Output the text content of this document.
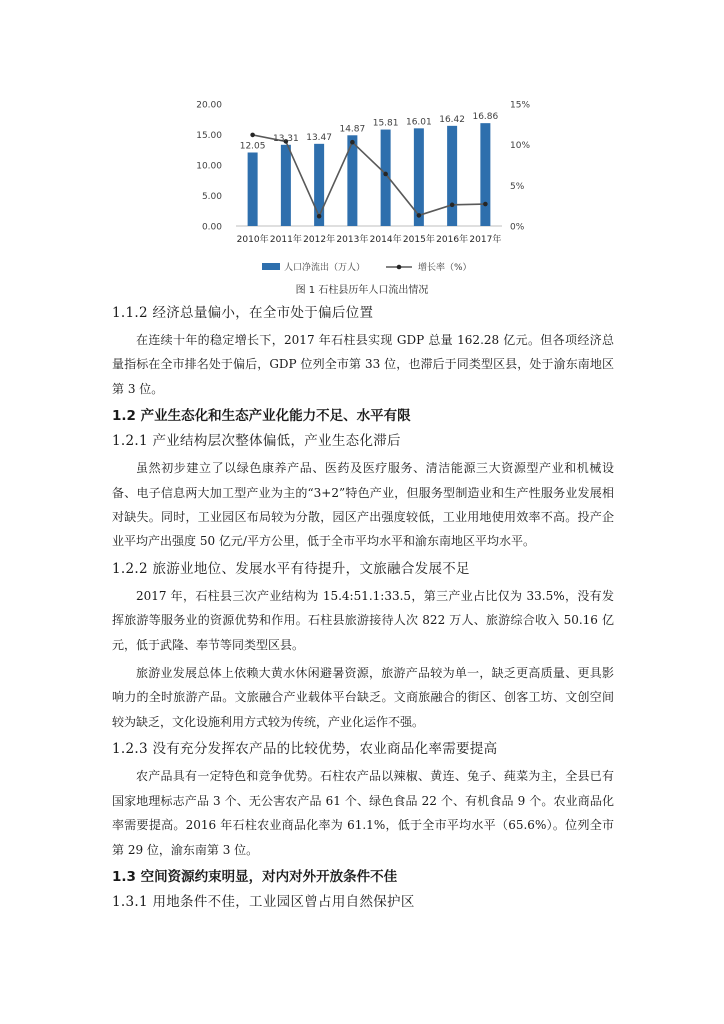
0.00
5.00
10.00
15.00
20.00
0%
5%
10%
15%
12.05
13.31 13.47
14.87
15.81 16.01 16.42 16.86
2010年 2011年 2012年 2013年 2014年 2015年 2016年 2017年
人口净流出（万人）	增长率（%）
图 1 石柱县历年人口流出情况
1.1.2 经济总量偏小，在全市处于偏后位置

在连续十年的稳定增长下，2017 年石柱县实现 GDP 总量 162.28 亿元。但各项经济总量指标在全市排名处于偏后，GDP 位列全市第 33 位，也滞后于同类型区县，处于渝东南地区第 3 位。

1.2 产业生态化和生态产业化能力不足、水平有限
1.2.1 产业结构层次整体偏低，产业生态化滞后

虽然初步建立了以绿色康养产品、医药及医疗服务、清洁能源三大资源型产业和机械设备、电子信息两大加工型产业为主的“3+2”特色产业，但服务型制造业和生产性服务业发展相对缺失。同时，工业园区布局较为分散，园区产出强度较低，工业用地使用效率不高。投产企业平均产出强度 50 亿元/平方公里，低于全市平均水平和渝东南地区平均水平。

1.2.2 旅游业地位、发展水平有待提升，文旅融合发展不足

2017 年，石柱县三次产业结构为 15.4:51.1:33.5，第三产业占比仅为 33.5%，没有发挥旅游等服务业的资源优势和作用。石柱县旅游接待人次 822 万人、旅游综合收入 50.16 亿元，低于武隆、奉节等同类型区县。

旅游业发展总体上依赖大黄水休闲避暑资源，旅游产品较为单一，缺乏更高质量、更具影响力的全时旅游产品。文旅融合产业载体平台缺乏。文商旅融合的街区、创客工坊、文创空间较为缺乏，文化设施利用方式较为传统，产业化运作不强。

1.2.3 没有充分发挥农产品的比较优势，农业商品化率需要提高

农产品具有一定特色和竞争优势。石柱农产品以辣椒、黄连、兔子、莼菜为主，全县已有国家地理标志产品 3 个、无公害农产品 61 个、绿色食品 22 个、有机食品 9 个。农业商品化率需要提高。2016 年石柱农业商品化率为 61.1%，低于全市平均水平（65.6%）。位列全市第 29 位，渝东南第 3 位。

1.3 空间资源约束明显，对内对外开放条件不佳
1.3.1 用地条件不佳，工业园区曾占用自然保护区
